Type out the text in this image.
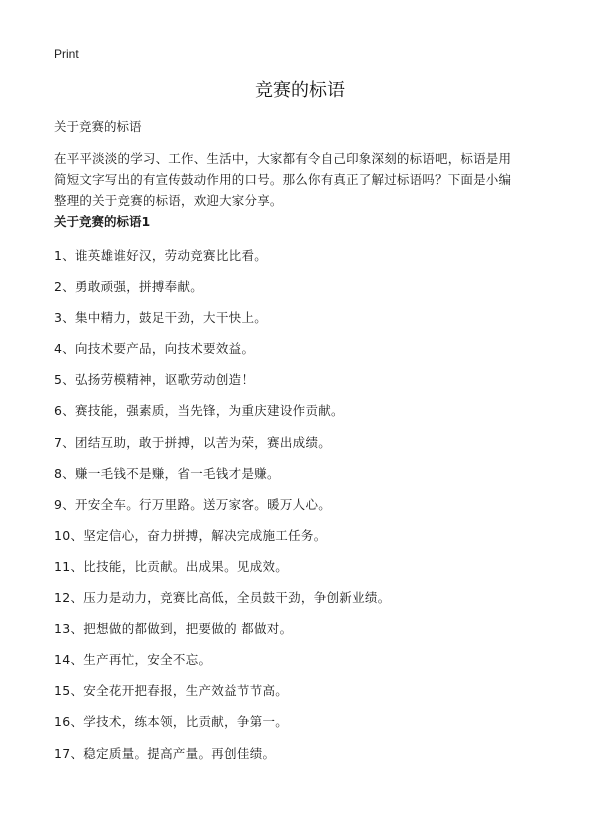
Print
竞赛的标语

关于竞赛的标语

在平平淡淡的学习、工作、生活中，大家都有令自己印象深刻的标语吧，标语是用
简短文字写出的有宣传鼓动作用的口号。那么你有真正了解过标语吗？下面是小编
整理的关于竞赛的标语，欢迎大家分享。

关于竞赛的标语1

1、谁英雄谁好汉，劳动竞赛比比看。
2、勇敢顽强，拼搏奉献。
3、集中精力，鼓足干劲，大干快上。
4、向技术要产品，向技术要效益。
5、弘扬劳模精神，讴歌劳动创造！
6、赛技能，强素质，当先锋，为重庆建设作贡献。
7、团结互助，敢于拼搏，以苦为荣，赛出成绩。
8、赚一毛钱不是赚，省一毛钱才是赚。
9、开安全车。行万里路。送万家客。暖万人心。
10、坚定信心，奋力拼搏，解决完成施工任务。
11、比技能，比贡献。出成果。见成效。
12、压力是动力，竞赛比高低，全员鼓干劲，争创新业绩。
13、把想做的都做到，把要做的 都做对。
14、生产再忙，安全不忘。
15、安全花开把春报，生产效益节节高。
16、学技术，练本领，比贡献，争第一。
17、稳定质量。提高产量。再创佳绩。
